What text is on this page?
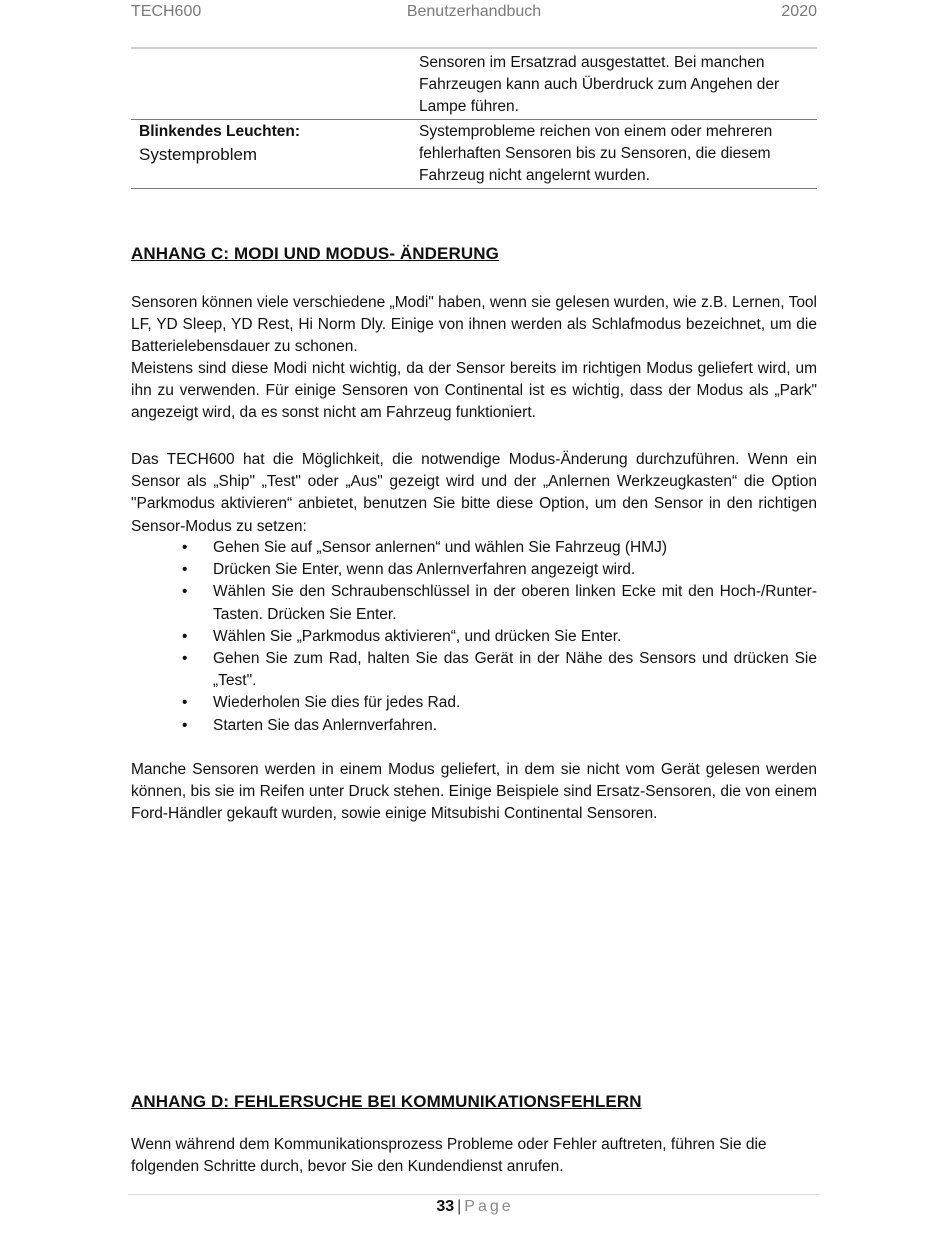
TECH600	Benutzerhandbuch	2020
	Sensoren im Ersatzrad ausgestattet. Bei manchen Fahrzeugen kann auch Überdruck zum Angehen der Lampe führen.

Blinkendes Leuchten:
Systemproblem	Systemprobleme reichen von einem oder mehreren fehlerhaften Sensoren bis zu Sensoren, die diesem Fahrzeug nicht angelernt wurden.
ANHANG C: MODI UND MODUS- ÄNDERUNG

Sensoren können viele verschiedene „Modi" haben, wenn sie gelesen wurden, wie z.B. Lernen, Tool LF, YD Sleep, YD Rest, Hi Norm Dly. Einige von ihnen werden als Schlafmodus bezeichnet, um die Batterielebensdauer zu schonen.

Meistens sind diese Modi nicht wichtig, da der Sensor bereits im richtigen Modus geliefert wird, um ihn zu verwenden. Für einige Sensoren von Continental ist es wichtig, dass der Modus als „Park" angezeigt wird, da es sonst nicht am Fahrzeug funktioniert.

Das TECH600 hat die Möglichkeit, die notwendige Modus-Änderung durchzuführen. Wenn ein Sensor als „Ship" „Test" oder „Aus" gezeigt wird und der „Anlernen Werkzeugkasten“ die Option "Parkmodus aktivieren“ anbietet, benutzen Sie bitte diese Option, um den Sensor in den richtigen Sensor-Modus zu setzen:

• Gehen Sie auf „Sensor anlernen“ und wählen Sie Fahrzeug (HMJ)
• Drücken Sie Enter, wenn das Anlernverfahren angezeigt wird.
• Wählen Sie den Schraubenschlüssel in der oberen linken Ecke mit den Hoch-/Runter-Tasten. Drücken Sie Enter.
• Wählen Sie „Parkmodus aktivieren“, und drücken Sie Enter.
• Gehen Sie zum Rad, halten Sie das Gerät in der Nähe des Sensors und drücken Sie „Test".
• Wiederholen Sie dies für jedes Rad.
• Starten Sie das Anlernverfahren.

Manche Sensoren werden in einem Modus geliefert, in dem sie nicht vom Gerät gelesen werden können, bis sie im Reifen unter Druck stehen. Einige Beispiele sind Ersatz-Sensoren, die von einem Ford-Händler gekauft wurden, sowie einige Mitsubishi Continental Sensoren.

ANHANG D: FEHLERSUCHE BEI KOMMUNIKATIONSFEHLERN

Wenn während dem Kommunikationsprozess Probleme oder Fehler auftreten, führen Sie die folgenden Schritte durch, bevor Sie den Kundendienst anrufen.

33 | Page
